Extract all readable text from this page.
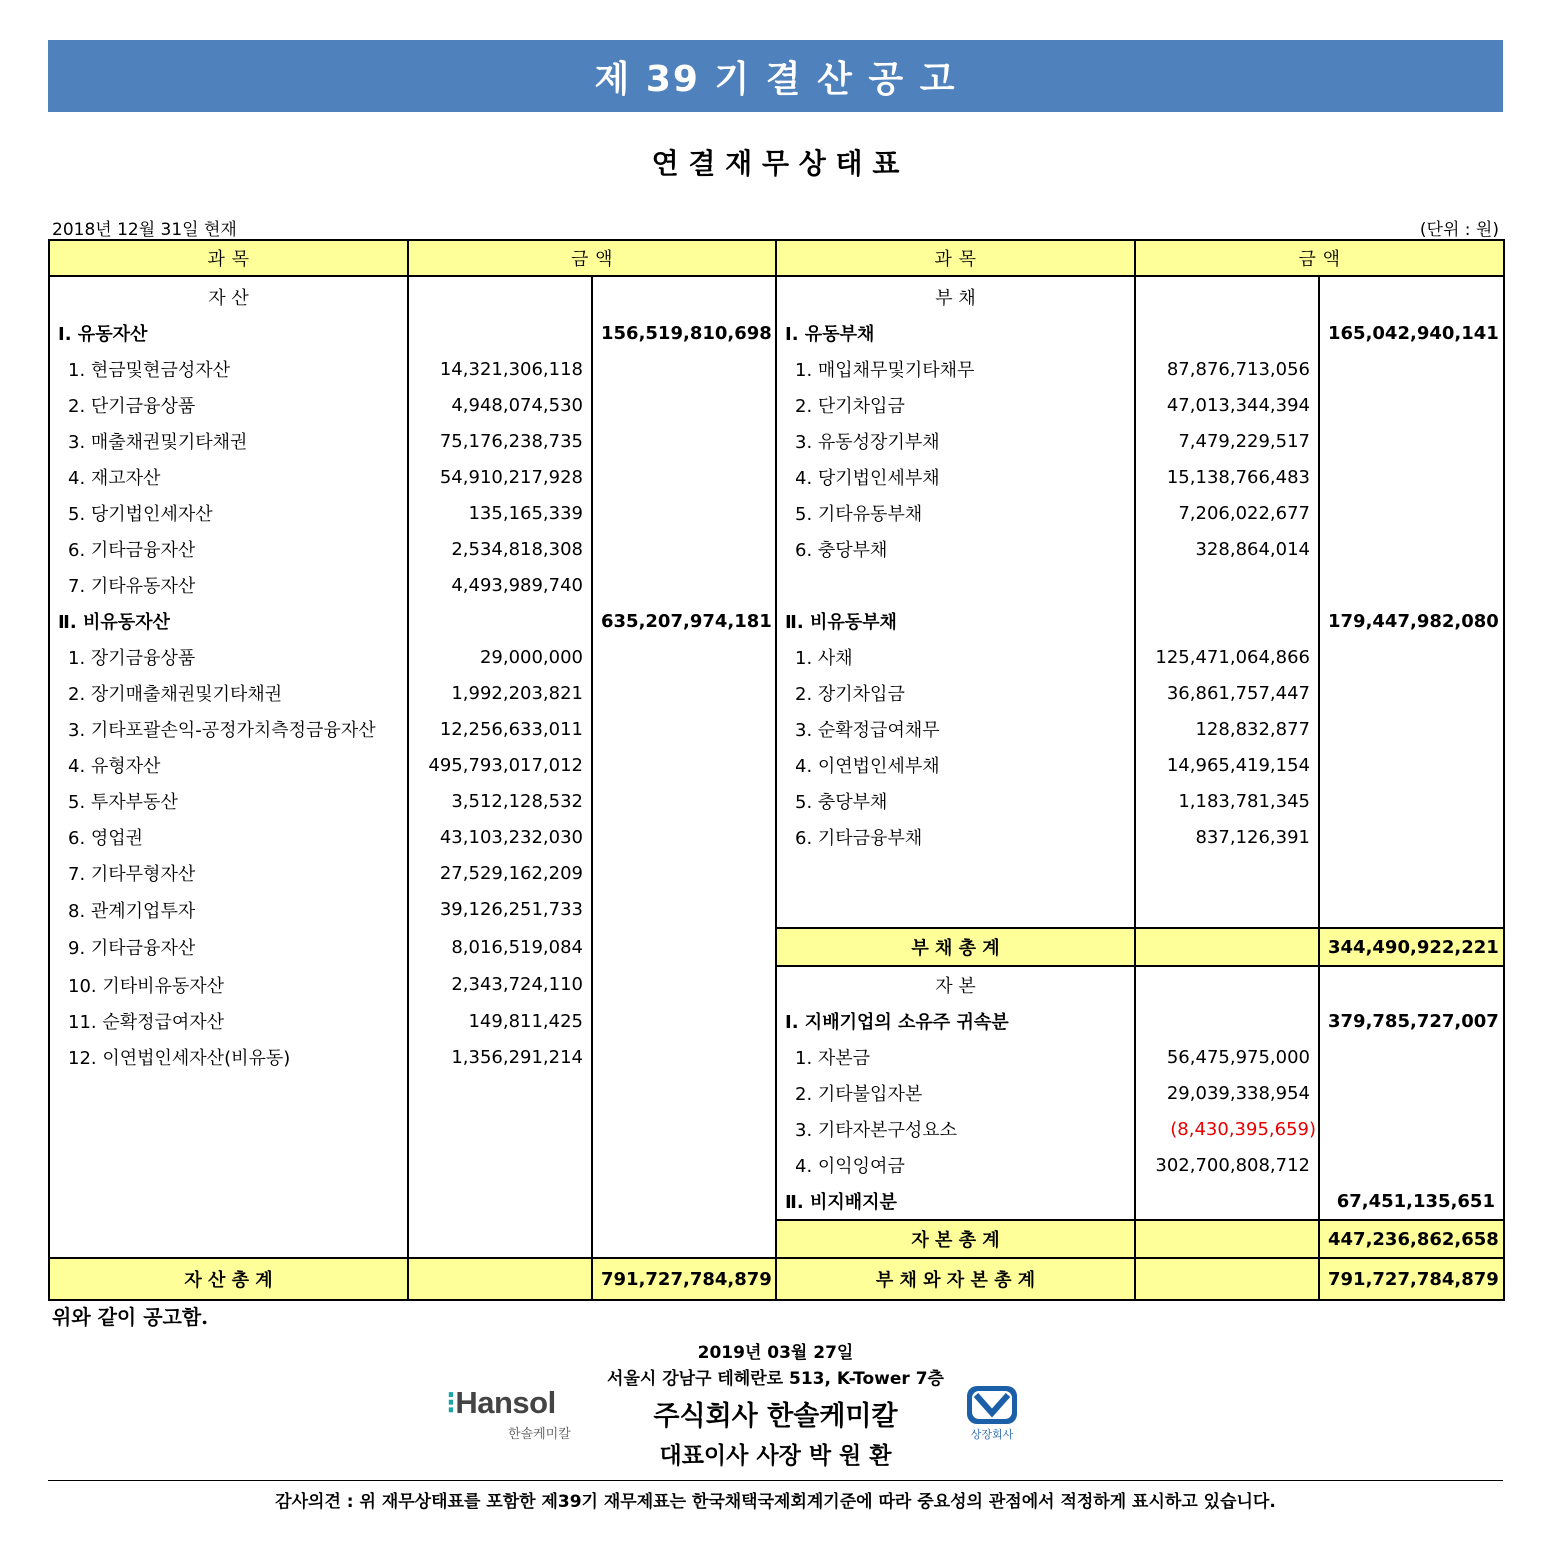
제 39 기 결 산 공 고
연 결 재 무 상 태 표
2018년 12월 31일 현재	(단위 : 원)
과 목	금 액		과 목	금 액	

자 산			부 채		
Ⅰ. 유동자산		156,519,810,698	Ⅰ. 유동부채		165,042,940,141
1. 현금및현금성자산	14,321,306,118		1. 매입채무및기타채무	87,876,713,056	
2. 단기금융상품	4,948,074,530		2. 단기차입금	47,013,344,394	
3. 매출채권및기타채권	75,176,238,735		3. 유동성장기부채	7,479,229,517	
4. 재고자산	54,910,217,928		4. 당기법인세부채	15,138,766,483	
5. 당기법인세자산	135,165,339		5. 기타유동부채	7,206,022,677	
6. 기타금융자산	2,534,818,308		6. 충당부채	328,864,014	
7. 기타유동자산	4,493,989,740				
Ⅱ. 비유동자산		635,207,974,181	Ⅱ. 비유동부채		179,447,982,080
1. 장기금융상품	29,000,000		1. 사채	125,471,064,866	
2. 장기매출채권및기타채권	1,992,203,821		2. 장기차입금	36,861,757,447	
3. 기타포괄손익-공정가치측정금융자산	12,256,633,011		3. 순확정급여채무	128,832,877	
4. 유형자산	495,793,017,012		4. 이연법인세부채	14,965,419,154	
5. 투자부동산	3,512,128,532		5. 충당부채	1,183,781,345	
6. 영업권	43,103,232,030		6. 기타금융부채	837,126,391	
7. 기타무형자산	27,529,162,209				
8. 관계기업투자	39,126,251,733				
9. 기타금융자산	8,016,519,084		부 채 총 계		344,490,922,221
10. 기타비유동자산	2,343,724,110		자 본		
11. 순확정급여자산	149,811,425		Ⅰ. 지배기업의 소유주 귀속분		379,785,727,007
12. 이연법인세자산(비유동)	1,356,291,214		1. 자본금	56,475,975,000	
			2. 기타불입자본	29,039,338,954	
			3. 기타자본구성요소	(8,430,395,659)	
			4. 이익잉여금	302,700,808,712	
			Ⅱ. 비지배지분		67,451,135,651
			자 본 총 계		447,236,862,658
자 산 총 계		791,727,784,879	부 채 와 자 본 총 계		791,727,784,879
위와 같이 공고함.
2019년 03월 27일
서울시 강남구 테헤란로 513, K-Tower 7층
주식회사 한솔케미칼
대표이사 사장 박 원 환
⁝Hansol
한솔케미칼	상장회사
감사의견 : 위 재무상태표를 포함한 제39기 재무제표는 한국채택국제회계기준에 따라 중요성의 관점에서 적정하게 표시하고 있습니다.
